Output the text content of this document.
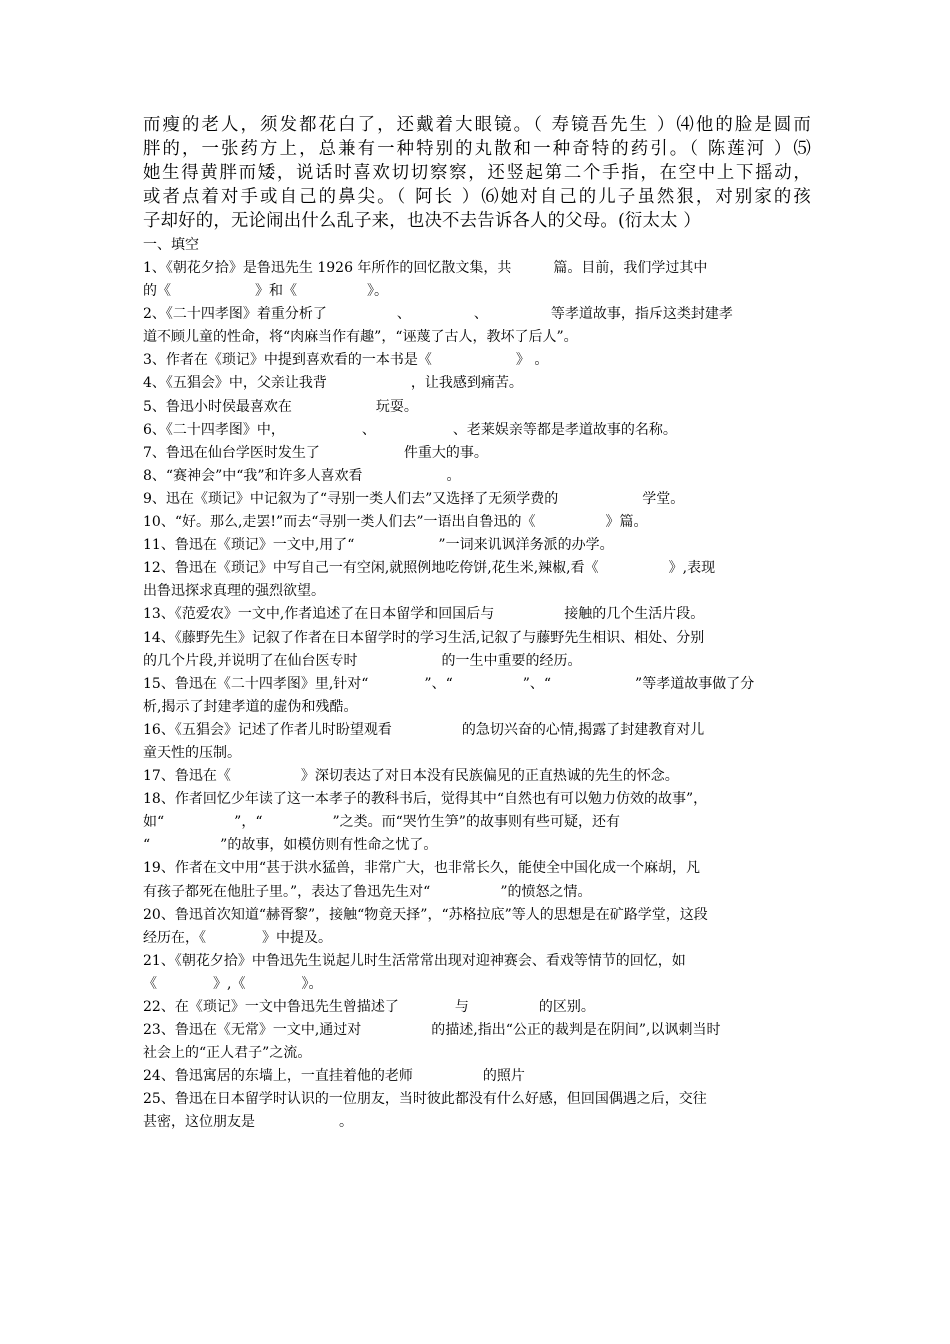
而瘦的老人，须发都花白了，还戴着大眼镜。（ 寿镜吾先生 ）⑷他的脸是圆而

胖的，一张药方上，总兼有一种特别的丸散和一种奇特的药引。（ 陈莲河 ）⑸

她生得黄胖而矮，说话时喜欢切切察察，还竖起第二个手指，在空中上下摇动，

或者点着对手或自己的鼻尖。（ 阿长 ）⑹她对自己的儿子虽然狠，对别家的孩

子却好的，无论闹出什么乱子来，也决不去告诉各人的父母。(衍太太 ）

一、填空

1、《朝花夕拾》是鲁迅先生 1926 年所作的回忆散文集，共　　　篇。目前，我们学过其中
的《　　　　　　》和《　　　　　》。

2、《二十四孝图》着重分析了　　　　　、　　　　　、　　　　　等孝道故事，指斥这类封建孝
道不顾儿童的性命，将“肉麻当作有趣”，“诬蔑了古人，教坏了后人”。

3、作者在《琐记》中提到喜欢看的一本书是《　　　　　　》 。

4、《五猖会》中，父亲让我背　　　　　　，让我感到痛苦。

5、鲁迅小时侯最喜欢在　　　　　　玩耍。

6、《二十四孝图》中，　　　　　　、　　　　　　、老莱娱亲等都是孝道故事的名称。

7、鲁迅在仙台学医时发生了　　　　　　件重大的事。

8、“赛神会”中“我”和许多人喜欢看　　　　　　。

9、迅在《琐记》中记叙为了“寻别一类人们去”又选择了无须学费的　　　　　　学堂。

10、“好。那么,走罢!”而去“寻别一类人们去”一语出自鲁迅的《　　　　　》篇。

11、鲁迅在《琐记》一文中,用了“　　　　　　”一词来讥讽洋务派的办学。

12、鲁迅在《琐记》中写自己一有空闲,就照例地吃侉饼,花生米,辣椒,看《　　　　　》,表现
出鲁迅探求真理的强烈欲望。

13、《范爱农》一文中,作者追述了在日本留学和回国后与　　　　　接触的几个生活片段。

14、《藤野先生》记叙了作者在日本留学时的学习生活,记叙了与藤野先生相识、相处、分别
的几个片段,并说明了在仙台医专时　　　　　　的一生中重要的经历。

15、鲁迅在《二十四孝图》里,针对“　　　　”、“　　　　　”、“　　　　　　”等孝道故事做了分
析,揭示了封建孝道的虚伪和残酷。

16、《五猖会》记述了作者儿时盼望观看　　　　　的急切兴奋的心情,揭露了封建教育对儿
童天性的压制。

17、鲁迅在《　　　　　》深切表达了对日本没有民族偏见的正直热诚的先生的怀念。

18、作者回忆少年读了这一本孝子的教科书后，觉得其中“自然也有可以勉力仿效的故事”，
如“　　　　　”，“　　　　　”之类。而“哭竹生笋”的故事则有些可疑，还有
“　　　　　”的故事，如模仿则有性命之忧了。

19、作者在文中用“甚于洪水猛兽，非常广大，也非常长久，能使全中国化成一个麻胡，凡
有孩子都死在他肚子里。”，表达了鲁迅先生对“　　　　　”的愤怒之情。

20、鲁迅首次知道“赫胥黎”，接触“物竟天择”，“苏格拉底”等人的思想是在矿路学堂，这段
经历在，《　　　　》中提及。

21、《朝花夕拾》中鲁迅先生说起儿时生活常常出现对迎神赛会、看戏等情节的回忆，如
《　　　　》,《　　　　》。

22、在《琐记》一文中鲁迅先生曾描述了　　　　与　　　　　的区别。

23、鲁迅在《无常》一文中,通过对　　　　　的描述,指出“公正的裁判是在阴间”,以讽刺当时
社会上的“正人君子”之流。

24、鲁迅寓居的东墙上，一直挂着他的老师　　　　　的照片

25、鲁迅在日本留学时认识的一位朋友，当时彼此都没有什么好感，但回国偶遇之后，交往
甚密，这位朋友是　　　　　　。
